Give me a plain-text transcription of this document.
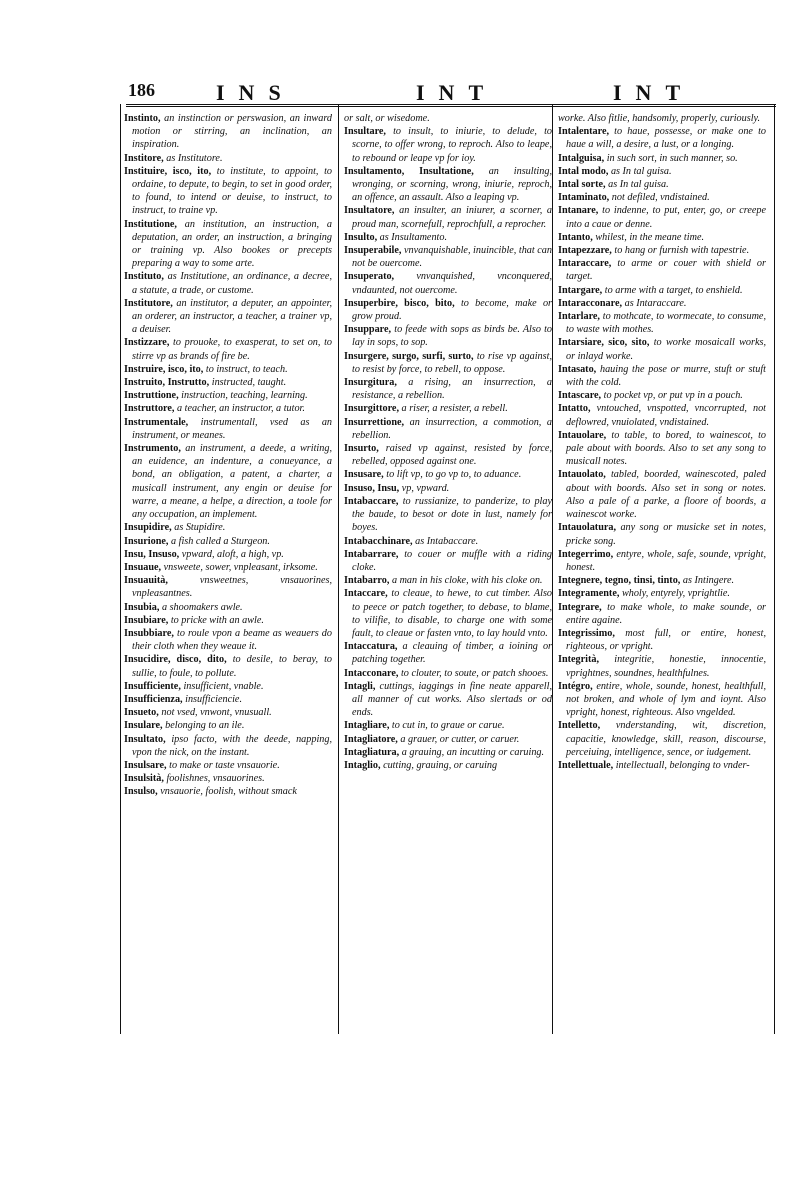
186	INS	INT	INT
Instinto, an instinction or perswasion, an inward motion or stirring, an inclination, an inspiration.
Institore, as Institutore.
Instituire, isco, ito, to institute, to appoint, to ordaine, to depute, to begin, to set in good order, to found, to intend or deuise, to instruct, to instruct, to traine vp.
Institutione, an institution, an instruction, a deputation, an order, an instruction, a bringing or training vp. Also bookes or precepts preparing a way to some arte.
Instituto, as Institutione, an ordinance, a decree, a statute, a trade, or custome.
Institutore, an institutor, a deputer, an appointer, an orderer, an instructor, a teacher, a trainer vp, a deuiser.
Instizzare, to prouoke, to exasperat, to set on, to stirre vp as brands of fire be.
Instruire, isco, ito, to instruct, to teach.
Instruito, Instrutto, instructed, taught.
Instruttione, instruction, teaching, learning.
Instruttore, a teacher, an instructor, a tutor.
Instrumentale, instrumentall, vsed as an instrument, or meanes.
Instrumento, an instrument, a deede, a writing, an euidence, an indenture, a conueyance, a bond, an obligation, a patent, a charter, a musicall instrument, any engin or deuise for warre, a meane, a helpe, a direction, a toole for any occupation, an implement.
Insupidire, as Stupidire.
Insurione, a fish called a Sturgeon.
Insu, Insuso, vpward, aloft, a high, vp.
Insuaue, vnsweete, sower, vnpleasant, irksome.
Insuauità,	vnsweetnes, vnsauorines, vnpleasantnes.
Insubia, a shoomakers awle.
Insubiare, to pricke with an awle.
Insubbiare, to roule vpon a beame as weauers do their cloth when they weaue it.
Insucidire, disco, dito, to desile, to beray, to sullie, to foule, to pollute.
Insufficiente, insufficient, vnable.
Insufficienza, insufficiencie.
Insueto, not vsed, vnwont, vnusuall.
Insulare, belonging to an ile.
Insultato, ipso facto, with the deede, napping, vpon the nick, on the instant.
Insulsare, to make or taste vnsauorie.
Insulsità, foolishnes, vnsauorines.
Insulso, vnsauorie, foolish, without smack
or salt, or wisedome.
Insultare, to insult, to iniurie, to delude, to scorne, to offer wrong, to reproch. Also to leape, to rebound or leape vp for ioy.
Insultamento, Insultatione, an insulting, wronging, or scorning, wrong, iniurie, reproch, an offence, an assault. Also a leaping vp.
Insultatore, an insulter, an iniurer, a scorner, a proud man, scornefull, reprochfull, a reprocher.
Insulto, as Insultamento.
Insuperabile, vnvanquishable, inuincible, that can not be ouercome.
Insuperato, vnvanquished, vnconquered, vndaunted, not ouercome.
Insuperbire, bisco, bito, to become, make or grow proud.
Insuppare, to feede with sops as birds be. Also to lay in sops, to sop.
Insurgere, surgo, surfi, surto, to rise vp against, to resist by force, to rebell, to oppose.
Insurgitura, a rising, an insurrection, a resistance, a rebellion.
Insurgittore, a riser, a resister, a rebell.
Insurrettione, an insurrection, a commotion, a rebellion.
Insurto, raised vp against, resisted by force, rebelled, opposed against one.
Insusare, to lift vp, to go vp to, to aduance.
Insuso, Insu, vp, vpward.
Intabaccare, to russianize, to panderize, to play the baude, to besot or dote in lust, namely for boyes.
Intabacchinare, as Intabaccare.
Intabarrare, to couer or muffle with a riding cloke.
Intabarro, a man in his cloke, with his cloke on.
Intaccare, to cleaue, to hewe, to cut timber. Also to peece or patch together, to debase, to blame, to vilifie, to disable, to charge one with some fault, to cleaue or fasten vnto, to lay hould vnto.
Intaccatura, a cleauing of timber, a ioining or patching together.
Intacconare, to clouter, to soute, or patch shooes.
Intagli, cuttings, iaggings in fine neate apparell, all manner of cut works. Also slertads or od ends.
Intagliare, to cut in, to graue or carue.
Intagliatore, a grauer, or cutter, or caruer.
Intagliatura, a grauing, an incutting or caruing.
Intaglio, cutting, grauing, or caruing
worke. Also fitlie, handsomly, properly, curiously.
Intalentare, to haue, possesse, or make one to haue a will, a desire, a lust, or a longing.
Intalguisa, in such sort, in such manner, so.
Intal modo, as In tal guisa.
Intal sorte, as In tal guisa.
Intaminato, not defiled, vndistained.
Intanare, to indenne, to put, enter, go, or creepe into a caue or denne.
Intanto, whilest, in the meane time.
Intapezzare, to hang or furnish with tapestrie.
Intaraccare, to arme or couer with shield or target.
Intargare, to arme with a target, to enshield.
Intaracconare, as Intaraccare.
Intarlare, to mothcate, to wormecate, to consume, to waste with mothes.
Intarsiare, sico, sito, to worke mosaicall works, or inlayd worke.
Intasato, hauing the pose or murre, stuft or stuft with the cold.
Intascare, to pocket vp, or put vp in a pouch.
Intatto, vntouched, vnspotted, vncorrupted, not deflowred, vnuiolated, vndistained.
Intauolare, to table, to bored, to wainescot, to pale about with boords. Also to set any song to musicall notes.
Intauolato, tabled, boorded, wainescoted, paled about with boords. Also set in song or notes. Also a pale of a parke, a floore of boords, a wainescot worke.
Intauolatura, any song or musicke set in notes, pricke song.
Integerrimo, entyre, whole, safe, sounde, vpright, honest.
Integnere, tegno, tinsi, tinto, as Intingere.
Integramente, wholy, entyrely, vprightlie.
Integrare, to make whole, to make sounde, or entire againe.
Integrissimo, most full, or entire, honest, righteous, or vpright.
Integrità, integritie, honestie, innocentie, vprightnes, soundnes, healthfulnes.
Intégro, entire, whole, sounde, honest, healthfull, not broken, and whole of lym and ioynt. Also vpright, honest, righteous. Also vngelded.
Intelletto, vnderstanding, wit, discretion, capacitie, knowledge, skill, reason, discourse, perceiuing, intelligence, sence, or iudgement.
Intellettuale, intellectuall, belonging to vnder-
